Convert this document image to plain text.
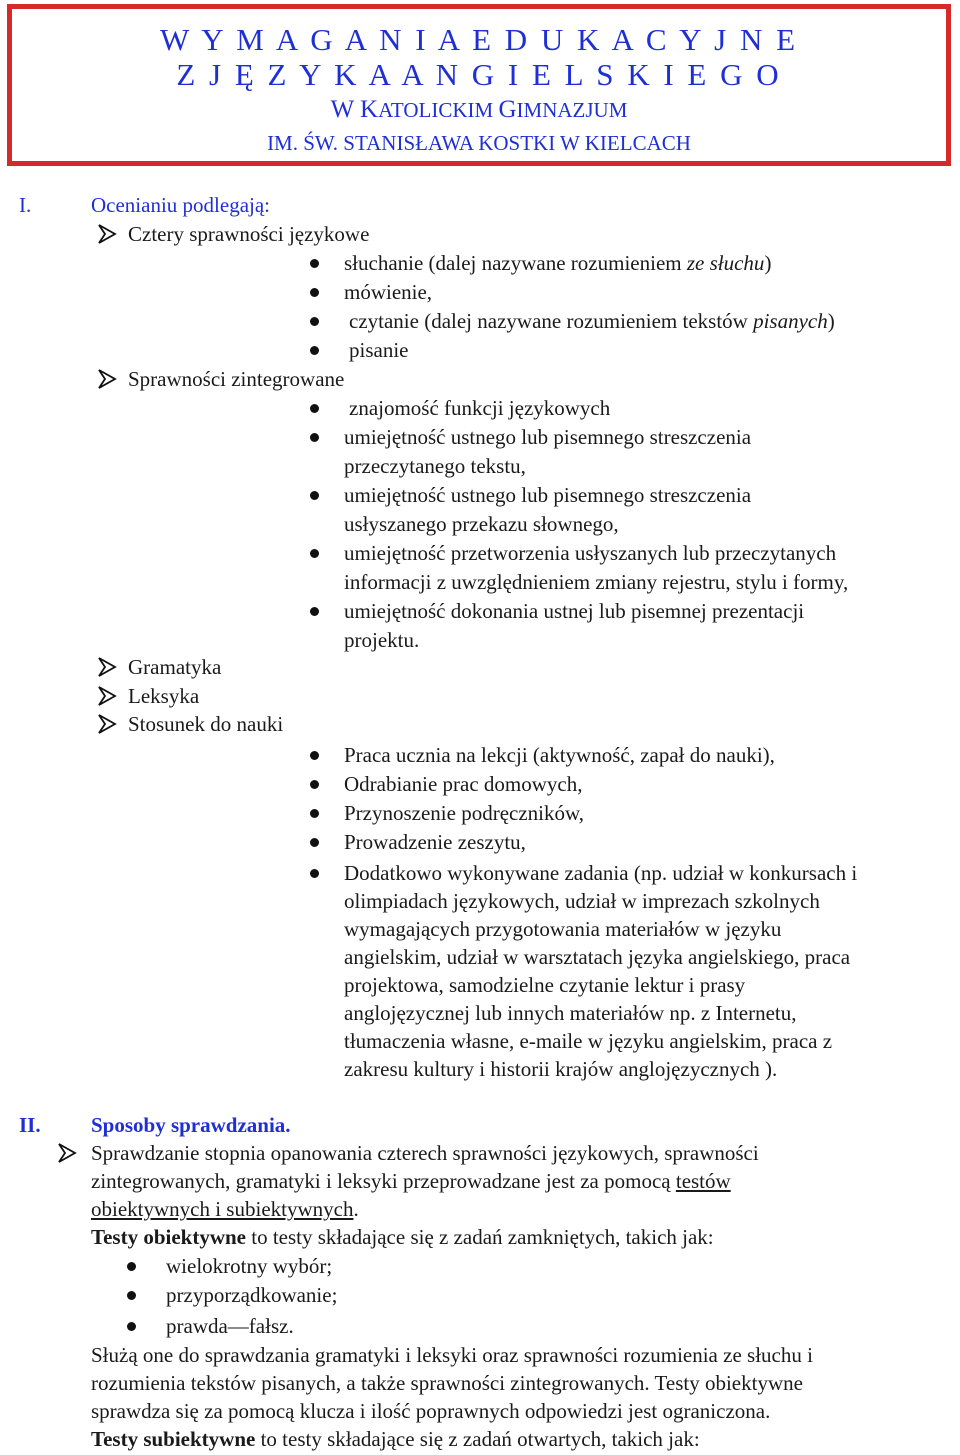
W Y M A G A N I A E D U K A C Y J N E
Z J Ę Z Y K A A N G I E L S K I E G O
W KATOLICKIM GIMNAZJUM
IM. ŚW. STANISŁAWA KOSTKI W KIELCACH
I.	Ocenianiu podlegają:
Cztery sprawności językowe
słuchanie (dalej nazywane rozumieniem ze słuchu)
mówienie,
czytanie (dalej nazywane rozumieniem tekstów pisanych)
pisanie
Sprawności zintegrowane
znajomość funkcji językowych
umiejętność ustnego lub pisemnego streszczenia
przeczytanego tekstu,
umiejętność ustnego lub pisemnego streszczenia
usłyszanego przekazu słownego,
umiejętność przetworzenia usłyszanych lub przeczytanych
informacji z uwzględnieniem zmiany rejestru, stylu i formy,
umiejętność dokonania ustnej lub pisemnej prezentacji
projektu.
Gramatyka
Leksyka
Stosunek do nauki
Praca ucznia na lekcji (aktywność, zapał do nauki),
Odrabianie prac domowych,
Przynoszenie podręczników,
Prowadzenie zeszytu,
Dodatkowo wykonywane zadania (np. udział w konkursach i
olimpiadach językowych, udział w imprezach szkolnych
wymagających przygotowania materiałów w języku
angielskim, udział w warsztatach języka angielskiego, praca
projektowa, samodzielne czytanie lektur i prasy
anglojęzycznej lub innych materiałów np. z Internetu,
tłumaczenia własne, e-maile w języku angielskim, praca z
zakresu kultury i historii krajów anglojęzycznych ).
II. Sposoby sprawdzania.
Sprawdzanie stopnia opanowania czterech sprawności językowych, sprawności
zintegrowanych, gramatyki i leksyki przeprowadzane jest za pomocą testów
obiektywnych i subiektywnych.
Testy obiektywne to testy składające się z zadań zamkniętych, takich jak:
wielokrotny wybór;
przyporządkowanie;
prawda—fałsz.
Służą one do sprawdzania gramatyki i leksyki oraz sprawności rozumienia ze słuchu i
rozumienia tekstów pisanych, a także sprawności zintegrowanych. Testy obiektywne
sprawdza się za pomocą klucza i ilość poprawnych odpowiedzi jest ograniczona.
Testy subiektywne to testy składające się z zadań otwartych, takich jak:
